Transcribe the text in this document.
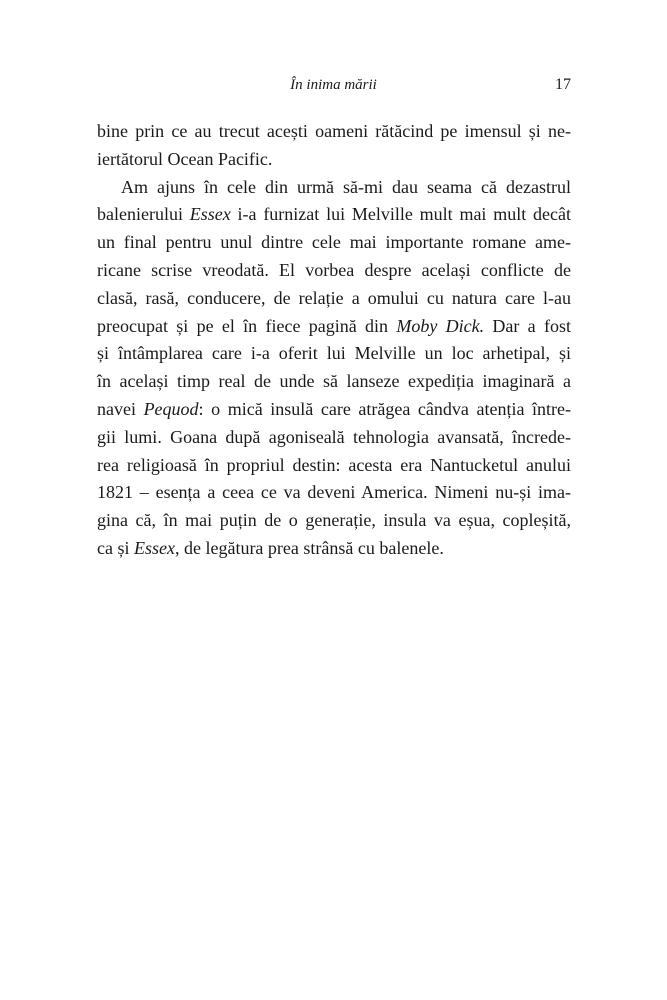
În inima mării	17
bine prin ce au trecut acești oameni rătăcind pe imensul și ne-
iertătorul Ocean Pacific.
Am ajuns în cele din urmă să-mi dau seama că dezastrul
balenierului Essex i-a furnizat lui Melville mult mai mult decât
un final pentru unul dintre cele mai importante romane ame-
ricane scrise vreodată. El vorbea despre același conflicte de
clasă, rasă, conducere, de relație a omului cu natura care l-au
preocupat și pe el în fiece pagină din Moby Dick. Dar a fost
și întâmplarea care i-a oferit lui Melville un loc arhetipal, și
în același timp real de unde să lanseze expediția imaginară a
navei Pequod: o mică insulă care atrăgea cândva atenția între-
gii lumi. Goana după agoniseală tehnologia avansată, încrede-
rea religioasă în propriul destin: acesta era Nantucketul anului
1821 – esența a ceea ce va deveni America. Nimeni nu-și ima-
gina că, în mai puțin de o generație, insula va eșua, copleșită,
ca și Essex, de legătura prea strânsă cu balenele.
